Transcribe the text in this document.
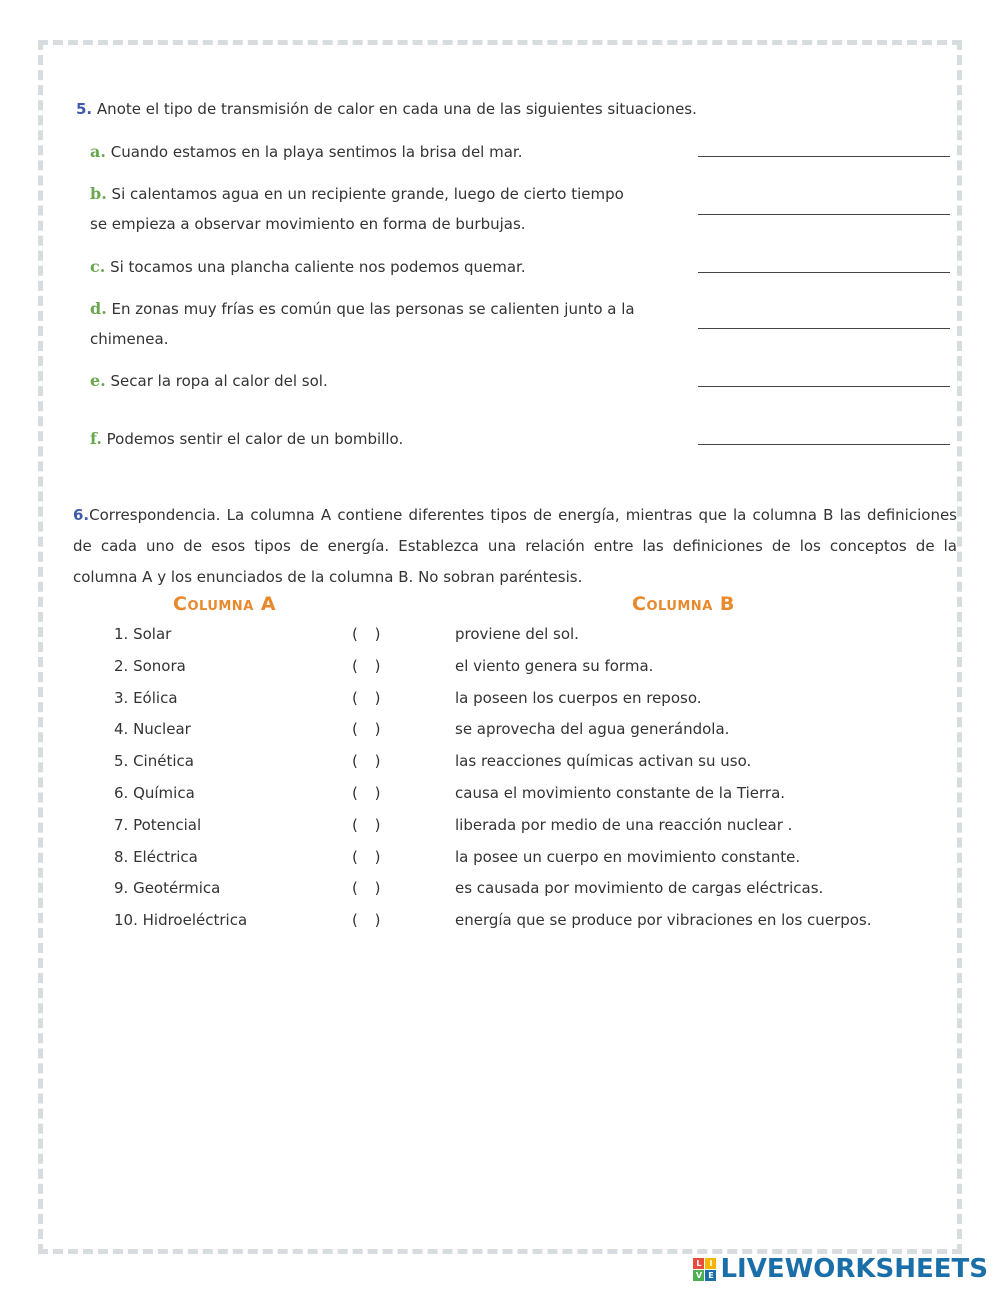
5. Anote el tipo de transmisión de calor en cada una de las siguientes situaciones.
a. Cuando estamos en la playa sentimos la brisa del mar.
b. Si calentamos agua en un recipiente grande, luego de cierto tiempo
se empieza a observar movimiento en forma de burbujas.
c. Si tocamos una plancha caliente nos podemos quemar.
d. En zonas muy frías es común que las personas se calienten junto a la
chimenea.
e. Secar la ropa al calor del sol.
f. Podemos sentir el calor de un bombillo.
6.Correspondencia. La columna A contiene diferentes tipos de energía, mientras que la columna B las definiciones
de cada uno de esos tipos de energía. Establezca una relación entre las definiciones de los conceptos de la
columna A y los enunciados de la columna B. No sobran paréntesis.
Columna A	Columna B
1. Solar	( )	proviene del sol.
2. Sonora	( )	el viento genera su forma.
3. Eólica	( )	la poseen los cuerpos en reposo.
4. Nuclear	( )	se aprovecha del agua generándola.
5. Cinética	( )	las reacciones químicas activan su uso.
6. Química	( )	causa el movimiento constante de la Tierra.
7. Potencial	( )	liberada por medio de una reacción nuclear .
8. Eléctrica	( )	la posee un cuerpo en movimiento constante.
9. Geotérmica	( )	es causada por movimiento de cargas eléctricas.
10. Hidroeléctrica	( )	energía que se produce por vibraciones en los cuerpos.
L I
V E LIVEWORKSHEETS
